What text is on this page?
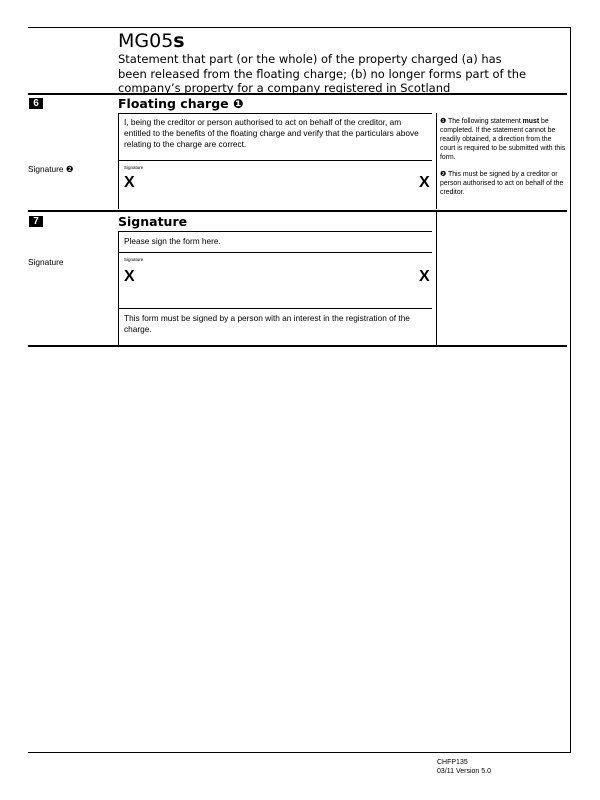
MG05s
Statement that part (or the whole) of the property charged (a) has been released from the floating charge; (b) no longer forms part of the company’s property for a company registered in Scotland
6	Floating charge ❶
I, being the creditor or person authorised to act on behalf of the creditor, am entitled to the benefits of the floating charge and verify that the particulars above relating to the charge are correct.
Signature ❷	Signature
X	X
❶ The following statement must be completed. If the statement cannot be readily obtained, a direction from the court is required to be submitted with this form.
❷ This must be signed by a creditor or person authorised to act on behalf of the creditor.
7	Signature
Please sign the form here.
Signature	Signature
X	X
This form must be signed by a person with an interest in the registration of the charge.
CHFP135
03/11 Version 5.0
